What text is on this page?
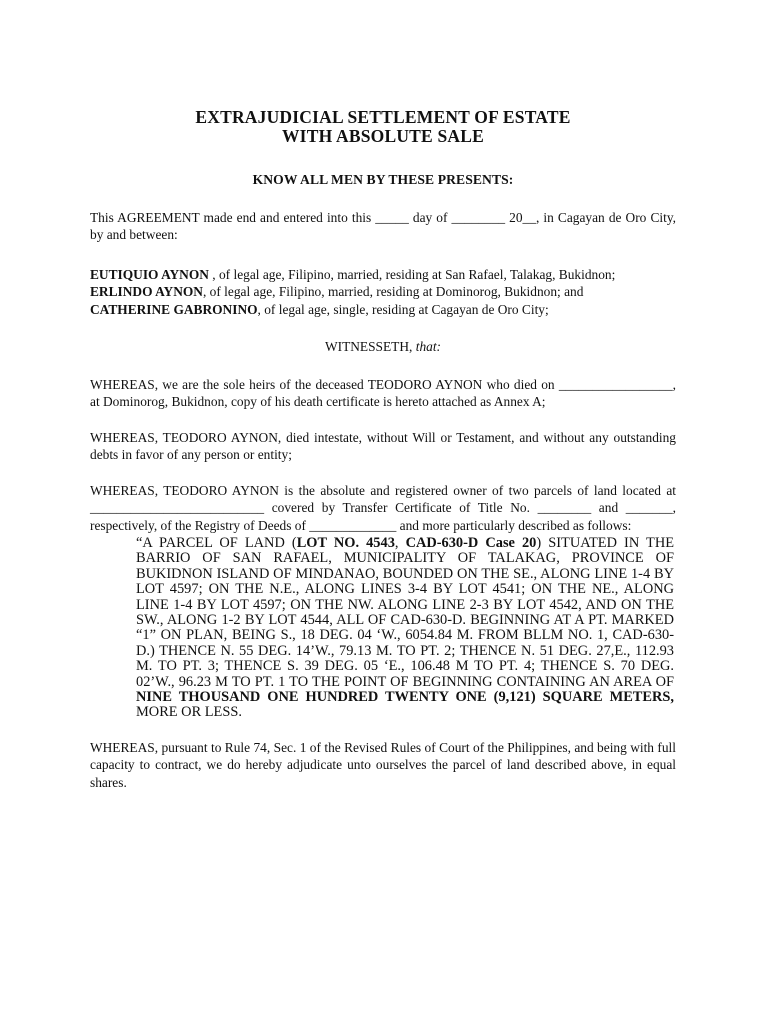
EXTRAJUDICIAL SETTLEMENT OF ESTATE
WITH ABSOLUTE SALE
KNOW ALL MEN BY THESE PRESENTS:

This AGREEMENT made end and entered into this _____ day of ________ 20__, in Cagayan de Oro City, by and between:

EUTIQUIO AYNON , of legal age, Filipino, married, residing at San Rafael, Talakag, Bukidnon;

ERLINDO AYNON, of legal age, Filipino, married, residing at Dominorog, Bukidnon; and

CATHERINE GABRONINO, of legal age, single, residing at Cagayan de Oro City;

WITNESSETH, that:

WHEREAS, we are the sole heirs of the deceased TEODORO AYNON who died on _________________, at Dominorog, Bukidnon, copy of his death certificate is hereto attached as Annex A;

WHEREAS, TEODORO AYNON, died intestate, without Will or Testament, and without any outstanding debts in favor of any person or entity;

WHEREAS, TEODORO AYNON is the absolute and registered owner of two parcels of land located at __________________________ covered by Transfer Certificate of Title No. ________ and _______, respectively, of the Registry of Deeds of _____________ and more particularly described as follows:

“A PARCEL OF LAND (LOT NO. 4543, CAD-630-D Case 20) SITUATED IN THE BARRIO OF SAN RAFAEL, MUNICIPALITY OF TALAKAG, PROVINCE OF BUKIDNON ISLAND OF MINDANAO, BOUNDED ON THE SE., ALONG LINE 1-4 BY LOT 4597; ON THE N.E., ALONG LINES 3-4 BY LOT 4541; ON THE NE., ALONG LINE 1-4 BY LOT 4597; ON THE NW. ALONG LINE 2-3 BY LOT 4542, AND ON THE SW., ALONG 1-2 BY LOT 4544, ALL OF CAD-630-D. BEGINNING AT A PT. MARKED “1” ON PLAN, BEING S., 18 DEG. 04 ‘W., 6054.84 M. FROM BLLM NO. 1, CAD-630-D.) THENCE N. 55 DEG. 14’W., 79.13 M. TO PT. 2; THENCE N. 51 DEG. 27,E., 112.93 M. TO PT. 3; THENCE S. 39 DEG. 05 ‘E., 106.48 M TO PT. 4; THENCE S. 70 DEG. 02’W., 96.23 M TO PT. 1 TO THE POINT OF BEGINNING CONTAINING AN AREA OF NINE THOUSAND ONE HUNDRED TWENTY ONE (9,121) SQUARE METERS, MORE OR LESS.

WHEREAS, pursuant to Rule 74, Sec. 1 of the Revised Rules of Court of the Philippines, and being with full capacity to contract, we do hereby adjudicate unto ourselves the parcel of land described above, in equal shares.
